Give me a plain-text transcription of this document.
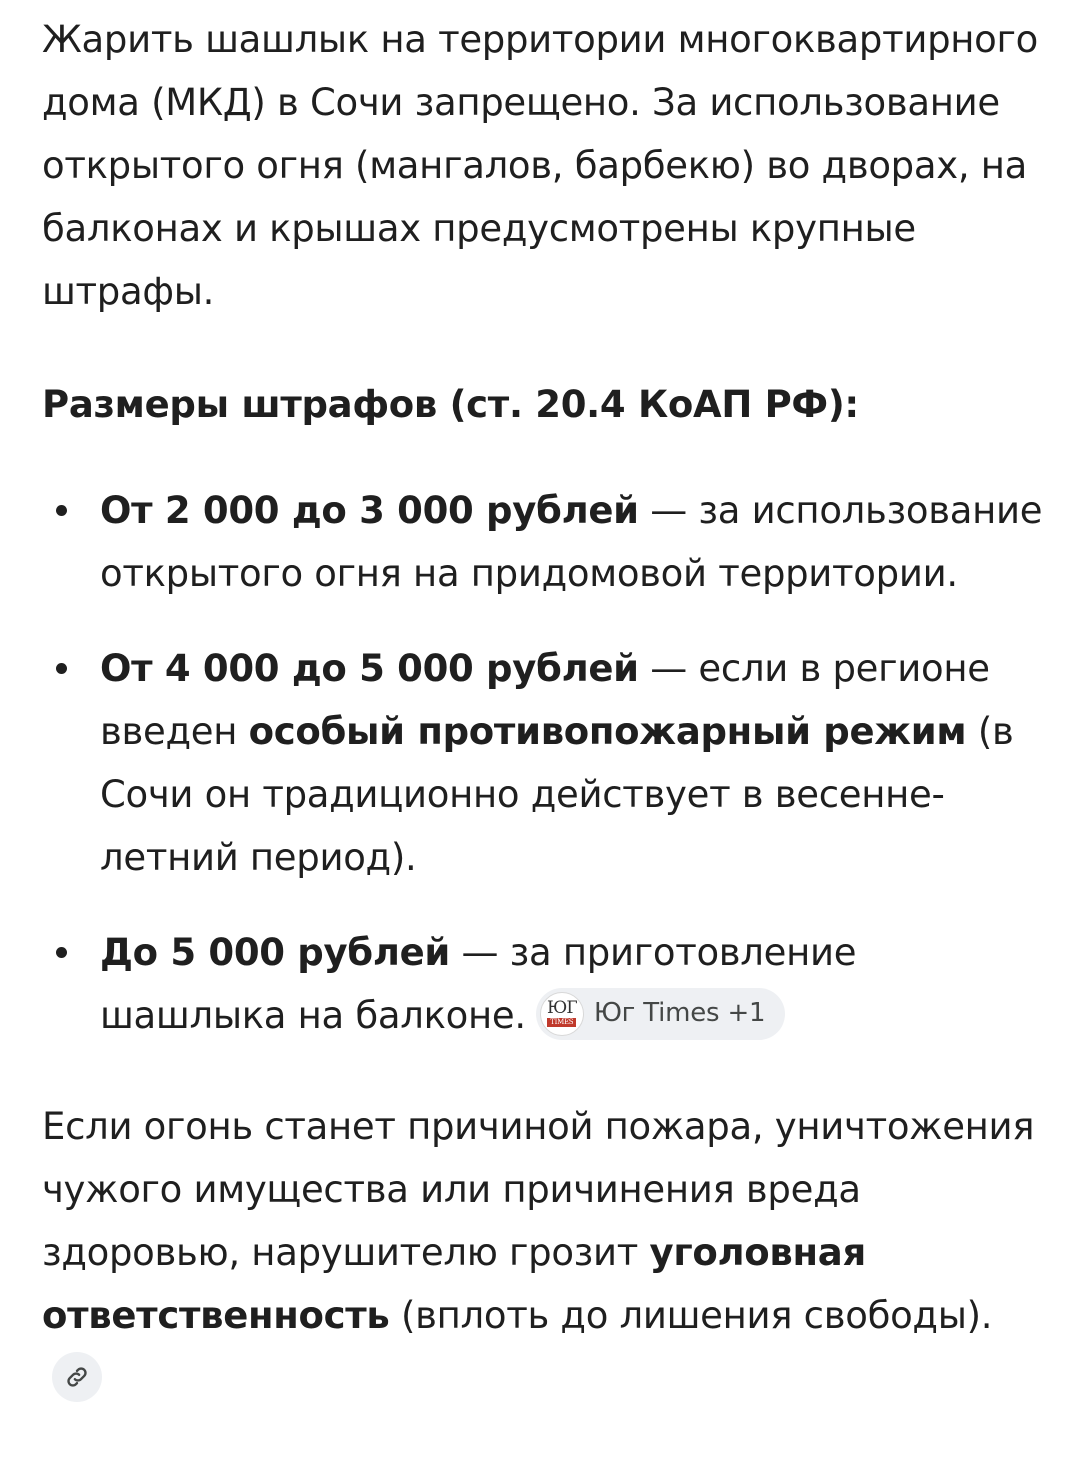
Жарить шашлык на территории многоквартирного дома (МКД) в Сочи запрещено. За использование открытого огня (мангалов, барбекю) во дворах, на балконах и крышах предусмотрены крупные штрафы.

Размеры штрафов (ст. 20.4 КоАП РФ):

От 2 000 до 3 000 рублей — за использование открытого огня на придомовой территории.
От 4 000 до 5 000 рублей — если в регионе введен особый противопожарный режим (в Сочи он традиционно действует в весенне-летний период).
До 5 000 рублей — за приготовление шашлыка на балконе. ЮГ
TIMES Юг Times +1

Если огонь станет причиной пожара, уничтожения чужого имущества или причинения вреда здоровью, нарушителю грозит уголовная ответственность (вплоть до лишения свободы).
